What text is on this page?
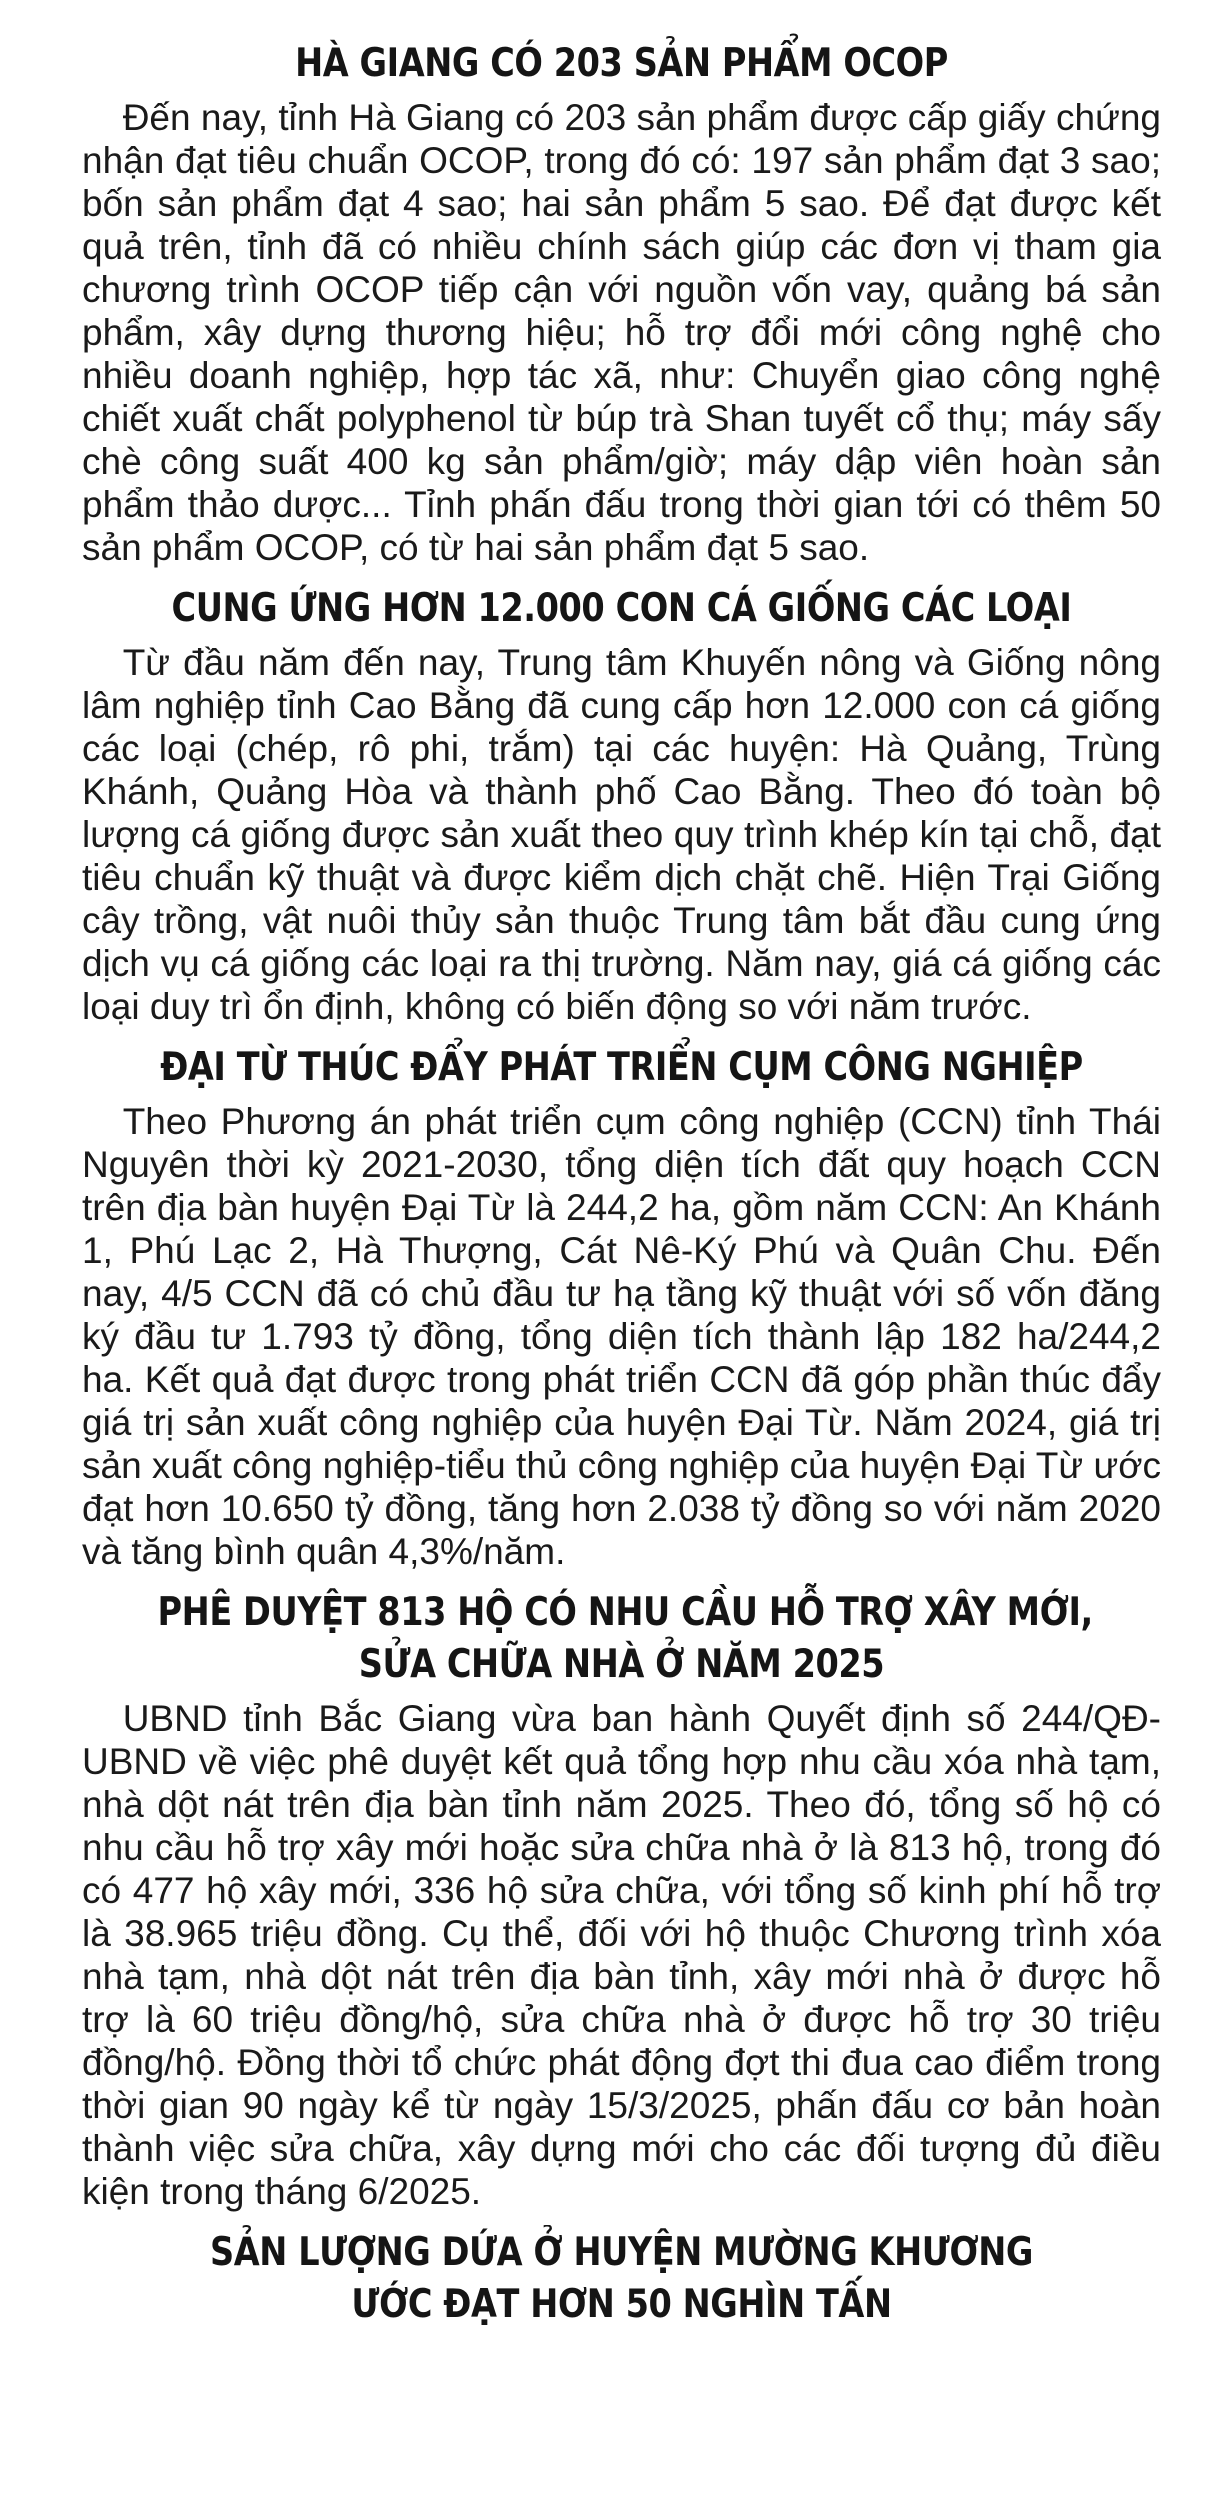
HÀ GIANG CÓ 203 SẢN PHẨM OCOP

Đến nay, tỉnh Hà Giang có 203 sản phẩm được cấp giấy chứng nhận đạt tiêu chuẩn OCOP, trong đó có: 197 sản phẩm đạt 3 sao; bốn sản phẩm đạt 4 sao; hai sản phẩm 5 sao. Để đạt được kết quả trên, tỉnh đã có nhiều chính sách giúp các đơn vị tham gia chương trình OCOP tiếp cận với nguồn vốn vay, quảng bá sản phẩm, xây dựng thương hiệu; hỗ trợ đổi mới công nghệ cho nhiều doanh nghiệp, hợp tác xã, như: Chuyển giao công nghệ chiết xuất chất polyphenol từ búp trà Shan tuyết cổ thụ; máy sấy chè công suất 400 kg sản phẩm/giờ; máy dập viên hoàn sản phẩm thảo dược... Tỉnh phấn đấu trong thời gian tới có thêm 50 sản phẩm OCOP, có từ hai sản phẩm đạt 5 sao.

CUNG ỨNG HƠN 12.000 CON CÁ GIỐNG CÁC LOẠI

Từ đầu năm đến nay, Trung tâm Khuyến nông và Giống nông lâm nghiệp tỉnh Cao Bằng đã cung cấp hơn 12.000 con cá giống các loại (chép, rô phi, trắm) tại các huyện: Hà Quảng, Trùng Khánh, Quảng Hòa và thành phố Cao Bằng. Theo đó toàn bộ lượng cá giống được sản xuất theo quy trình khép kín tại chỗ, đạt tiêu chuẩn kỹ thuật và được kiểm dịch chặt chẽ. Hiện Trại Giống cây trồng, vật nuôi thủy sản thuộc Trung tâm bắt đầu cung ứng dịch vụ cá giống các loại ra thị trường. Năm nay, giá cá giống các loại duy trì ổn định, không có biến động so với năm trước.

ĐẠI TỪ THÚC ĐẨY PHÁT TRIỂN CỤM CÔNG NGHIỆP

Theo Phương án phát triển cụm công nghiệp (CCN) tỉnh Thái Nguyên thời kỳ 2021-2030, tổng diện tích đất quy hoạch CCN trên địa bàn huyện Đại Từ là 244,2 ha, gồm năm CCN: An Khánh 1, Phú Lạc 2, Hà Thượng, Cát Nê-Ký Phú và Quân Chu. Đến nay, 4/5 CCN đã có chủ đầu tư hạ tầng kỹ thuật với số vốn đăng ký đầu tư 1.793 tỷ đồng, tổng diện tích thành lập 182 ha/244,2 ha. Kết quả đạt được trong phát triển CCN đã góp phần thúc đẩy giá trị sản xuất công nghiệp của huyện Đại Từ. Năm 2024, giá trị sản xuất công nghiệp-tiểu thủ công nghiệp của huyện Đại Từ ước đạt hơn 10.650 tỷ đồng, tăng hơn 2.038 tỷ đồng so với năm 2020 và tăng bình quân 4,3%/năm.

PHÊ DUYỆT 813 HỘ CÓ NHU CẦU HỖ TRỢ XÂY MỚI,
SỬA CHỮA NHÀ Ở NĂM 2025

UBND tỉnh Bắc Giang vừa ban hành Quyết định số 244/QĐ-UBND về việc phê duyệt kết quả tổng hợp nhu cầu xóa nhà tạm, nhà dột nát trên địa bàn tỉnh năm 2025. Theo đó, tổng số hộ có nhu cầu hỗ trợ xây mới hoặc sửa chữa nhà ở là 813 hộ, trong đó có 477 hộ xây mới, 336 hộ sửa chữa, với tổng số kinh phí hỗ trợ là 38.965 triệu đồng. Cụ thể, đối với hộ thuộc Chương trình xóa nhà tạm, nhà dột nát trên địa bàn tỉnh, xây mới nhà ở được hỗ trợ là 60 triệu đồng/hộ, sửa chữa nhà ở được hỗ trợ 30 triệu đồng/hộ. Đồng thời tổ chức phát động đợt thi đua cao điểm trong thời gian 90 ngày kể từ ngày 15/3/2025, phấn đấu cơ bản hoàn thành việc sửa chữa, xây dựng mới cho các đối tượng đủ điều kiện trong tháng 6/2025.

SẢN LƯỢNG DỨA Ở HUYỆN MƯỜNG KHƯƠNG
ƯỚC ĐẠT HƠN 50 NGHÌN TẤN
